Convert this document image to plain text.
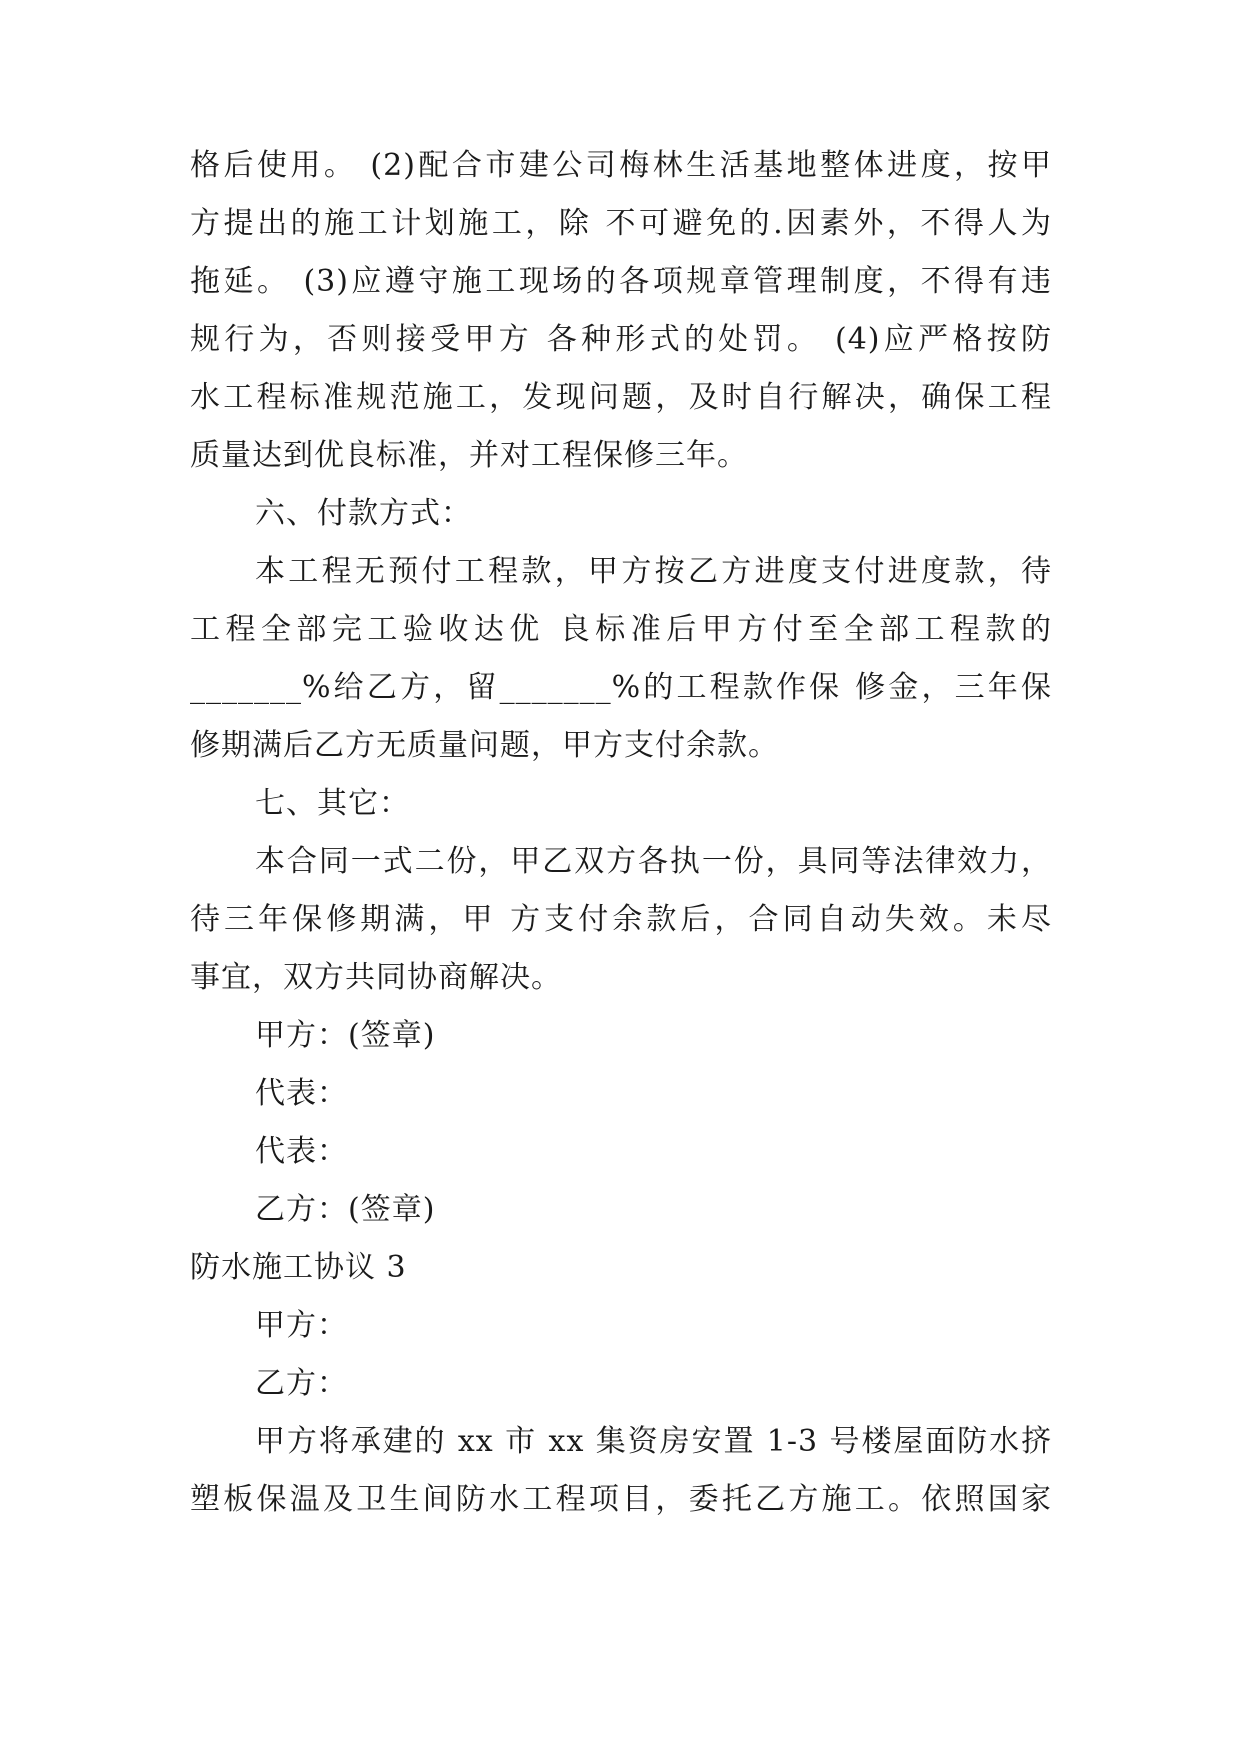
格后使用。 (2)配合市建公司梅林生活基地整体进度，按甲
方提出的施工计划施工，除 不可避免的.因素外，不得人为
拖延。 (3)应遵守施工现场的各项规章管理制度，不得有违
规行为，否则接受甲方 各种形式的处罚。 (4)应严格按防
水工程标准规范施工，发现问题，及时自行解决，确保工程
质量达到优良标准，并对工程保修三年。
六、付款方式：
本工程无预付工程款，甲方按乙方进度支付进度款，待
工程全部完工验收达优 良标准后甲方付至全部工程款的
_______%给乙方，留_______%的工程款作保 修金，三年保
修期满后乙方无质量问题，甲方支付余款。
七、其它：
本合同一式二份，甲乙双方各执一份，具同等法律效力，
待三年保修期满，甲 方支付余款后，合同自动失效。未尽
事宜，双方共同协商解决。
甲方：(签章)
代表：
代表：
乙方：(签章)
防水施工协议 3
甲方：
乙方：
甲方将承建的 xx 市 xx 集资房安置 1-3 号楼屋面防水挤
塑板保温及卫生间防水工程项目，委托乙方施工。依照国家
